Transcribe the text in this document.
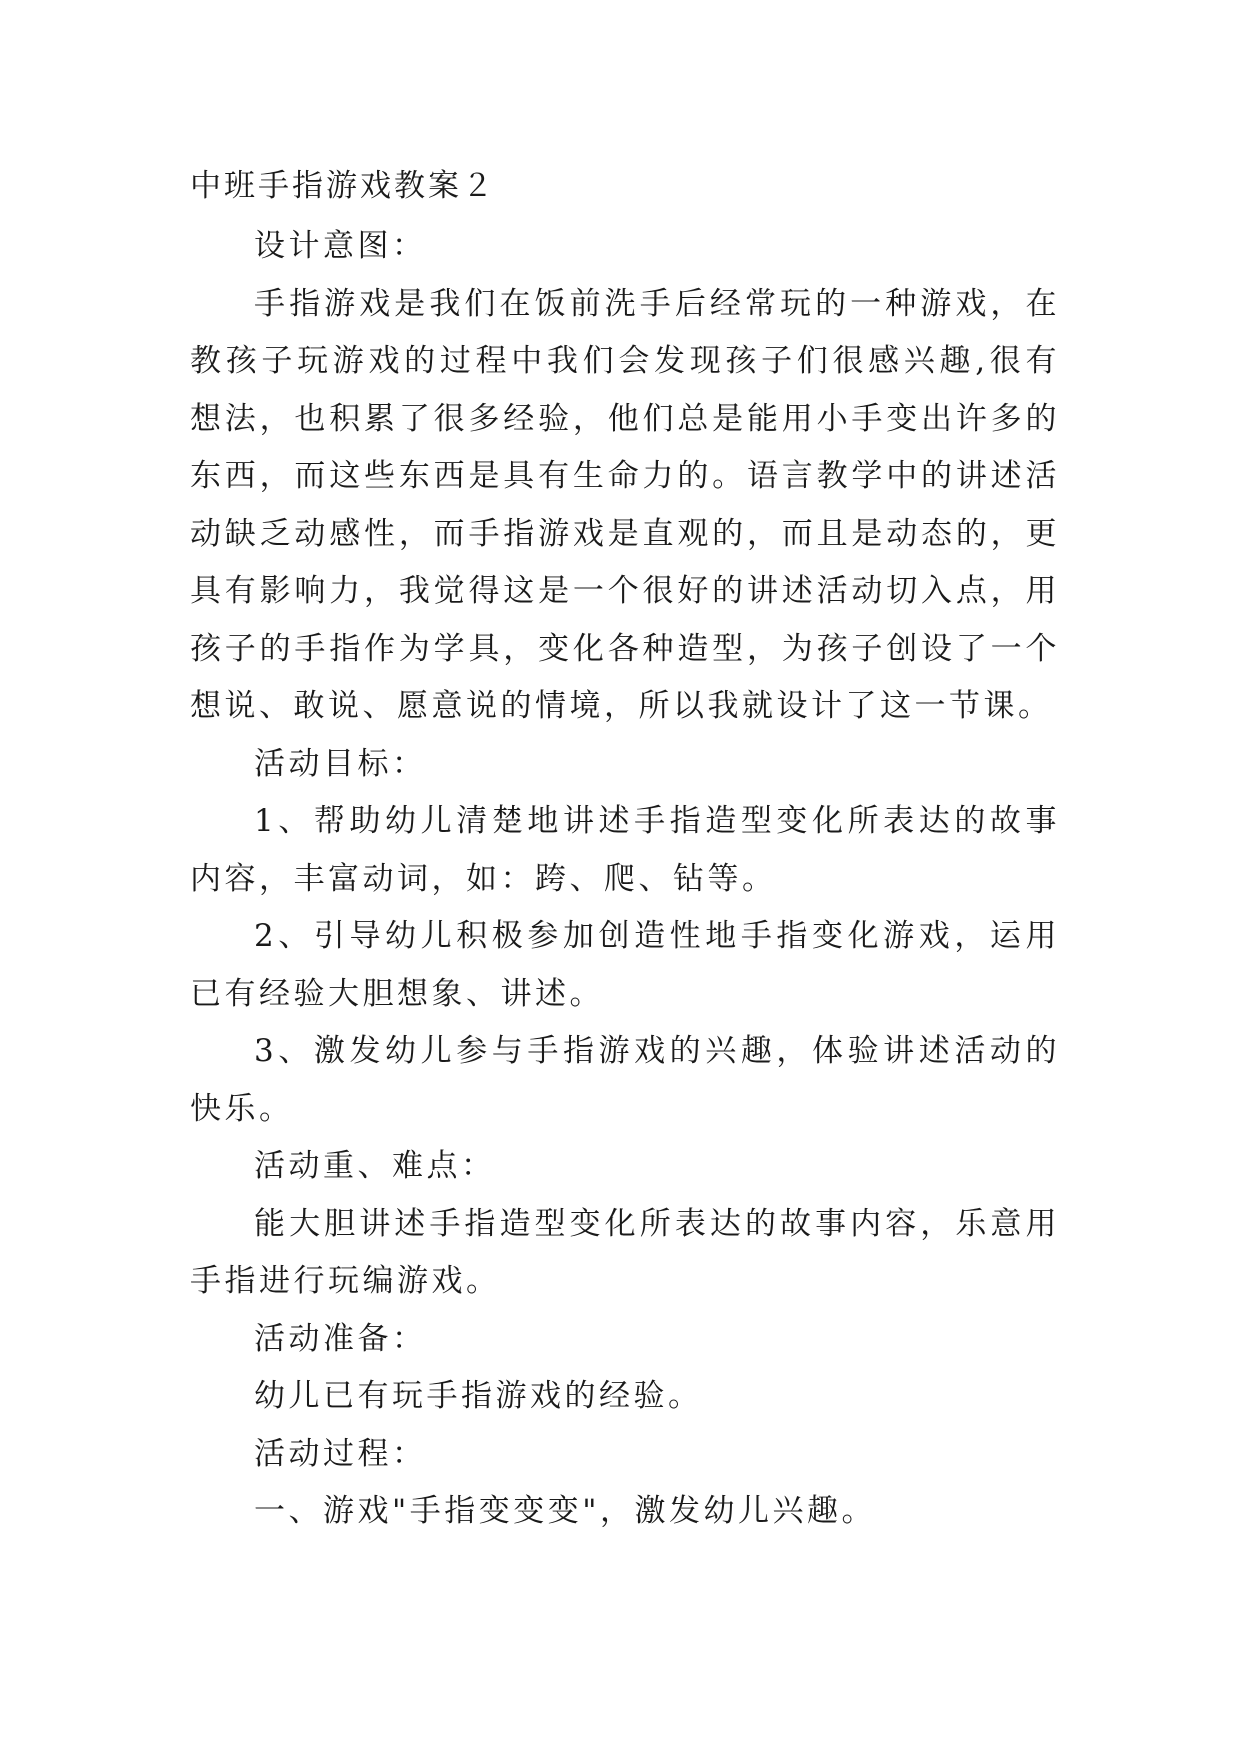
中班手指游戏教案２

设计意图：

手指游戏是我们在饭前洗手后经常玩的一种游戏，在教孩子玩游戏的过程中我们会发现孩子们很感兴趣,很有想法，也积累了很多经验，他们总是能用小手变出许多的东西，而这些东西是具有生命力的。语言教学中的讲述活动缺乏动感性，而手指游戏是直观的，而且是动态的，更具有影响力，我觉得这是一个很好的讲述活动切入点，用孩子的手指作为学具，变化各种造型，为孩子创设了一个想说、敢说、愿意说的情境，所以我就设计了这一节课。

活动目标：

1、帮助幼儿清楚地讲述手指造型变化所表达的故事内容，丰富动词，如：跨、爬、钻等。

2、引导幼儿积极参加创造性地手指变化游戏，运用已有经验大胆想象、讲述。

3、激发幼儿参与手指游戏的兴趣，体验讲述活动的快乐。

活动重、难点：

能大胆讲述手指造型变化所表达的故事内容，乐意用手指进行玩编游戏。

活动准备：

幼儿已有玩手指游戏的经验。

活动过程：

一、游戏"手指变变变"，激发幼儿兴趣。
